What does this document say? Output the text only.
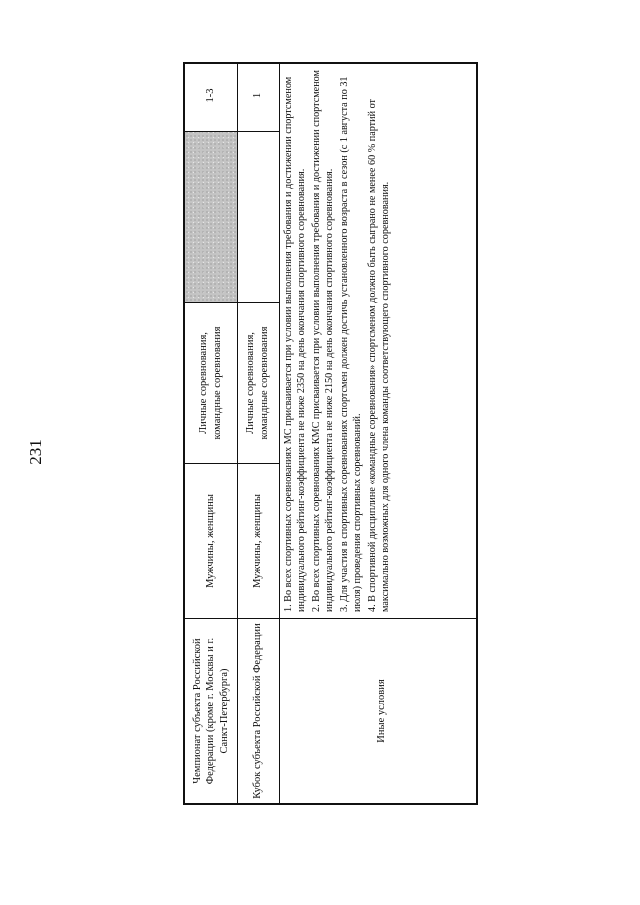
231
Чемпионат субъекта Российской Федерации (кроме г. Москвы и г. Санкт-Петербурга)
Мужчины, женщины
Личные соревнования, командные соревнования
1-3
Кубок субъекта Российской Федерации
Мужчины, женщины
Личные соревнования, командные соревнования
1
Иные условия

1. Во всех спортивных соревнованиях МС присваивается при условии выполнения требования и достижении спортсменом индивидуального рейтинг-коэффициента не ниже 2350 на день окончания спортивного соревнования. 2. Во всех спортивных соревнованиях КМС присваивается при условии выполнения требования и достижении спортсменом индивидуального рейтинг-коэффициента не ниже 2150 на день окончания спортивного соревнования. 3. Для участия в спортивных соревнованиях спортсмен должен достичь установленного возраста в сезон (с 1 августа по 31 июля) проведения спортивных соревнований. 4. В спортивной дисциплине «командные соревнования» спортсменом должно быть сыграно не менее 60 % партий от максимально возможных для одного члена команды соответствующего спортивного соревнования.
